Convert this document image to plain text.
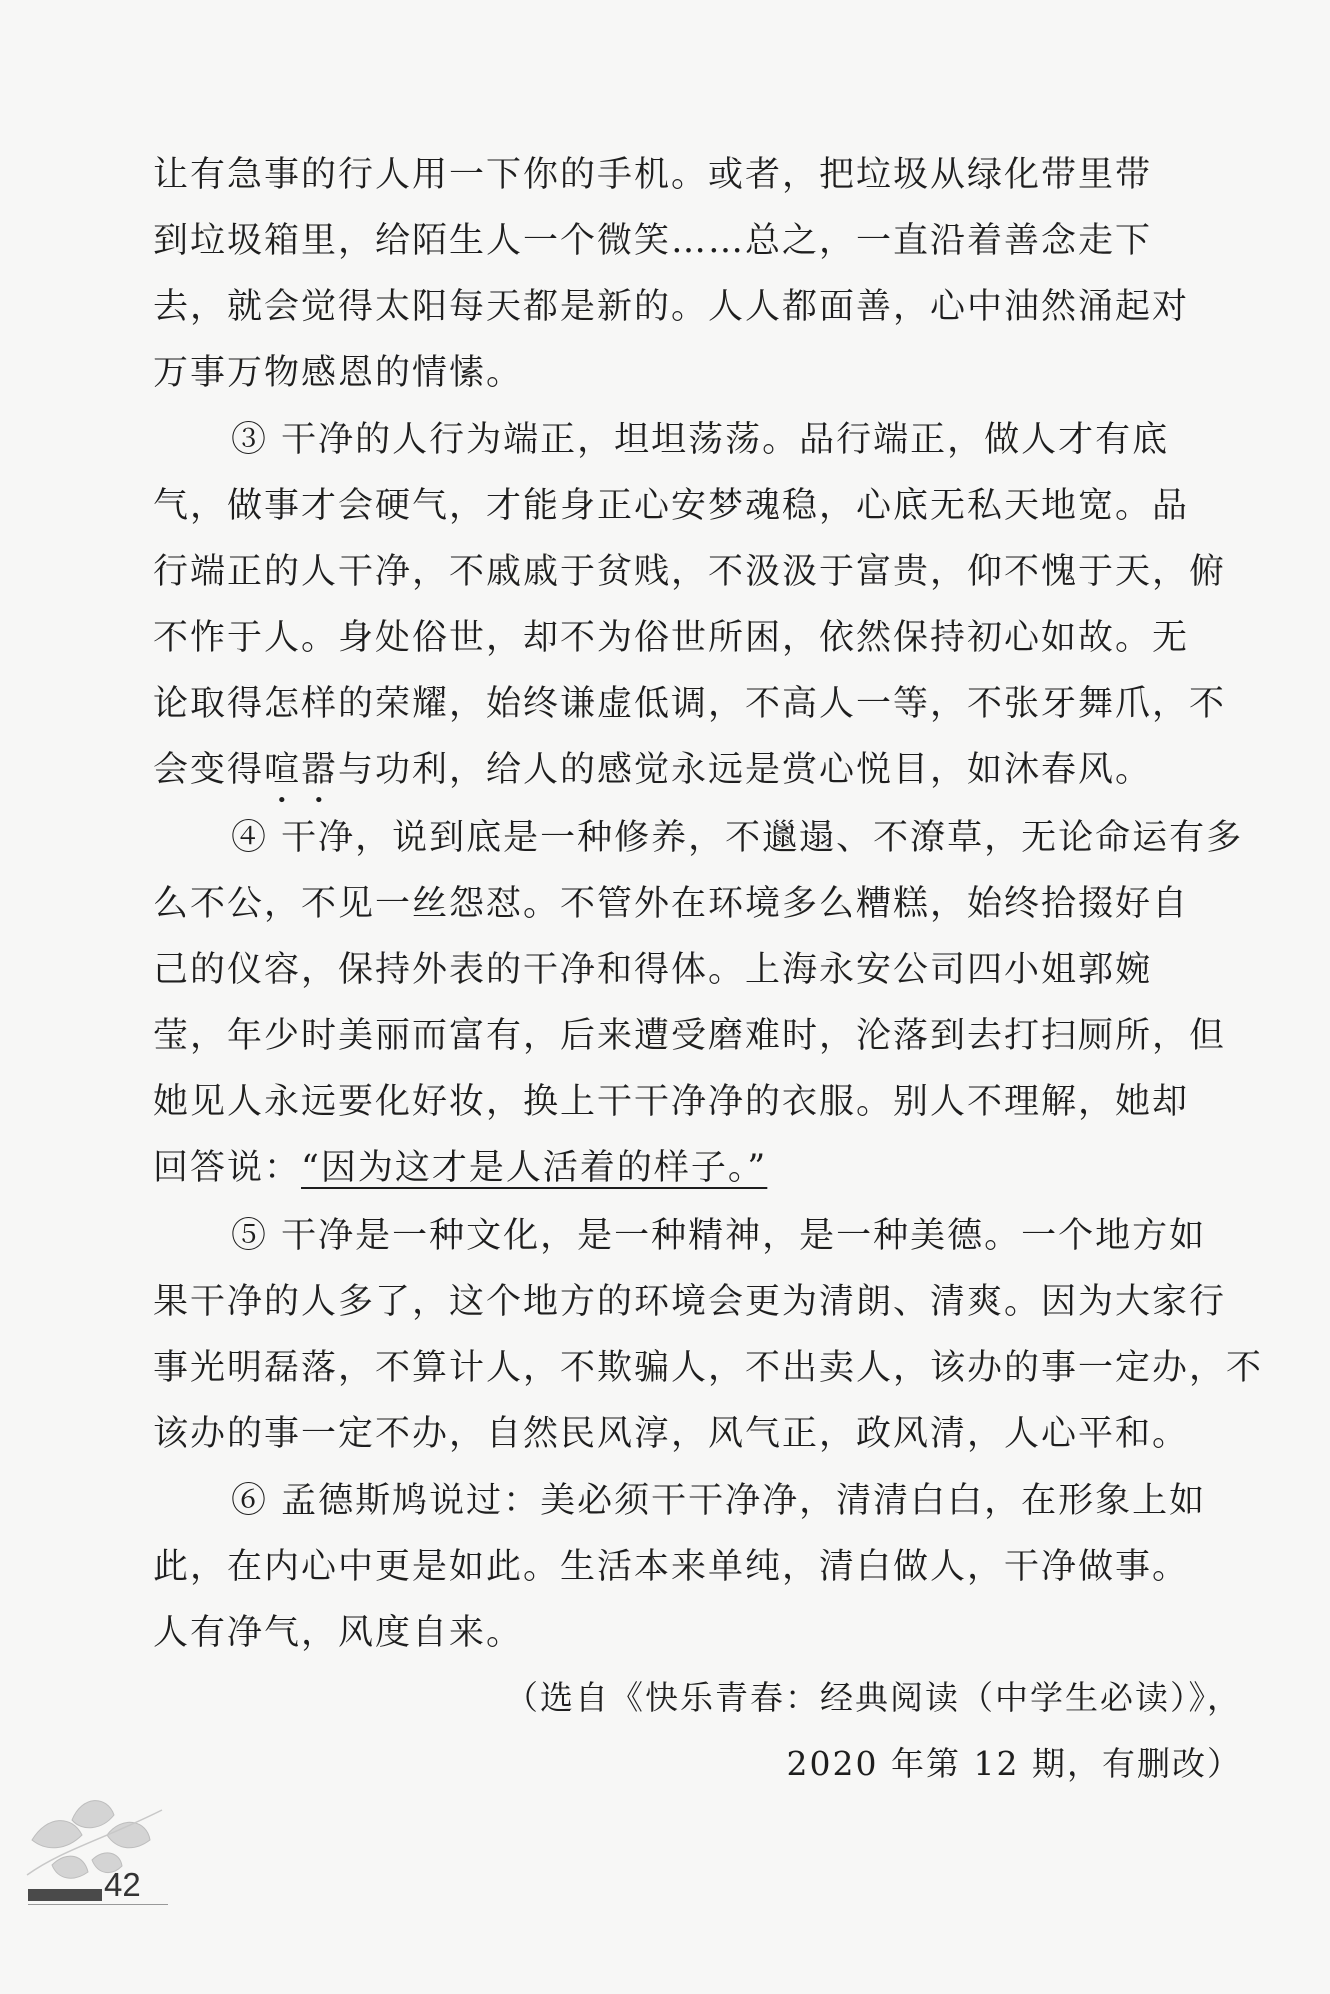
让有急事的行人用一下你的手机。或者，把垃圾从绿化带里带
到垃圾箱里，给陌生人一个微笑……总之，一直沿着善念走下
去，就会觉得太阳每天都是新的。人人都面善，心中油然涌起对
万事万物感恩的情愫。
③ 干净的人行为端正，坦坦荡荡。品行端正，做人才有底
气，做事才会硬气，才能身正心安梦魂稳，心底无私天地宽。品
行端正的人干净，不戚戚于贫贱，不汲汲于富贵，仰不愧于天，俯
不怍于人。身处俗世，却不为俗世所困，依然保持初心如故。无
论取得怎样的荣耀，始终谦虚低调，不高人一等，不张牙舞爪，不
会变得喧嚣与功利，给人的感觉永远是赏心悦目，如沐春风。
④ 干净，说到底是一种修养，不邋遢、不潦草，无论命运有多
么不公，不见一丝怨怼。不管外在环境多么糟糕，始终拾掇好自
己的仪容，保持外表的干净和得体。上海永安公司四小姐郭婉
莹，年少时美丽而富有，后来遭受磨难时，沦落到去打扫厕所，但
她见人永远要化好妆，换上干干净净的衣服。别人不理解，她却
回答说：“因为这才是人活着的样子。”
⑤ 干净是一种文化，是一种精神，是一种美德。一个地方如
果干净的人多了，这个地方的环境会更为清朗、清爽。因为大家行
事光明磊落，不算计人，不欺骗人，不出卖人，该办的事一定办，不
该办的事一定不办，自然民风淳，风气正，政风清，人心平和。
⑥ 孟德斯鸠说过：美必须干干净净，清清白白，在形象上如
此，在内心中更是如此。生活本来单纯，清白做人，干净做事。
人有净气，风度自来。
（选自《快乐青春：经典阅读（中学生必读）》，
2020 年第 12 期，有删改）
42
